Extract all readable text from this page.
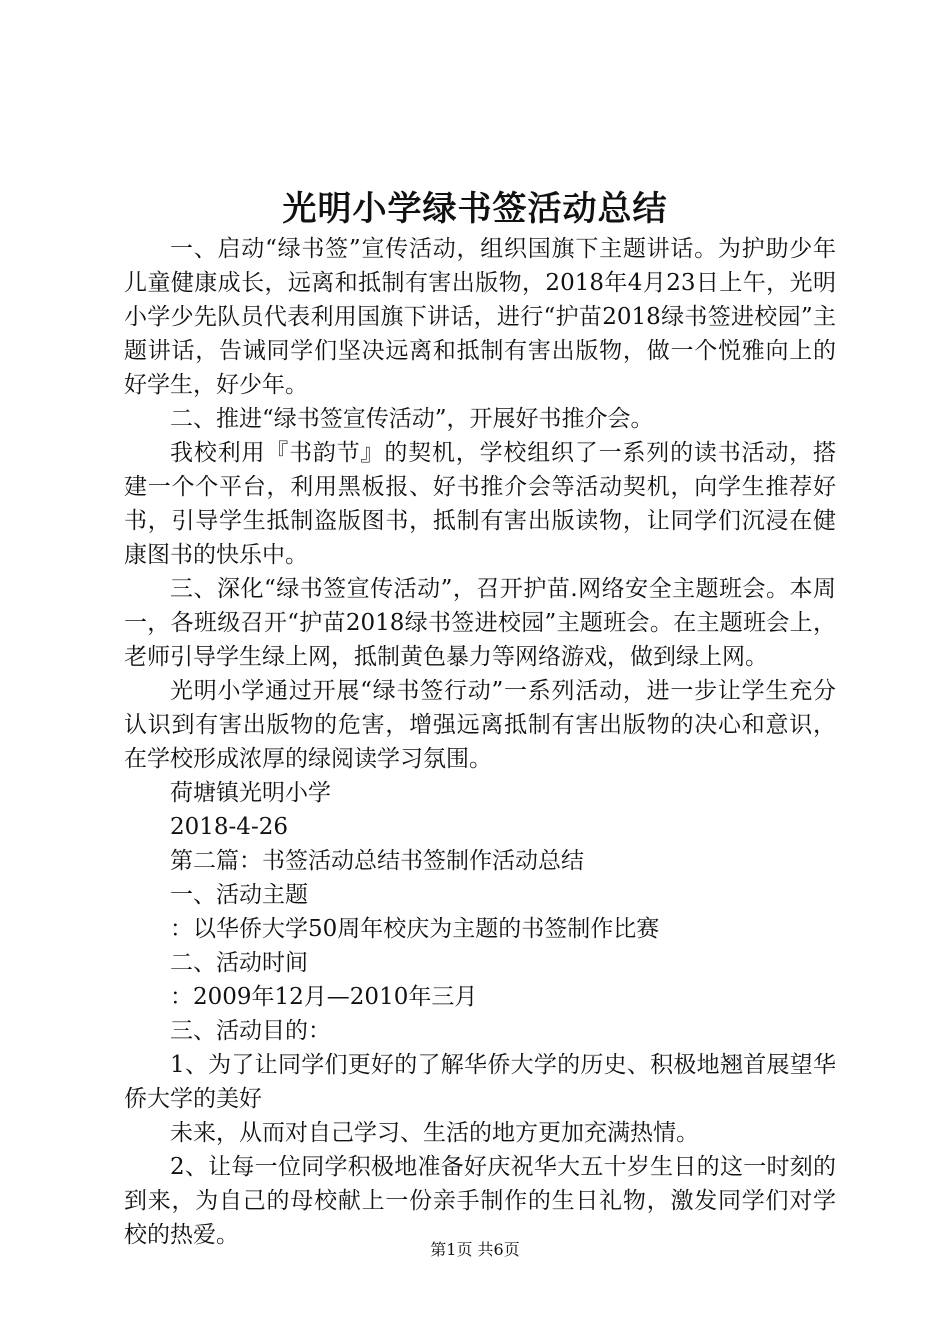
光明小学绿书签活动总结

一、启动“绿书签”宣传活动，组织国旗下主题讲话。为护助少年儿童健康成长，远离和抵制有害出版物，2018年4月23日上午，光明小学少先队员代表利用国旗下讲话，进行“护苗2018绿书签进校园”主题讲话，告诫同学们坚决远离和抵制有害出版物，做一个悦雅向上的好学生，好少年。

二、推进“绿书签宣传活动”，开展好书推介会。

我校利用『书韵节』的契机，学校组织了一系列的读书活动，搭建一个个平台，利用黑板报、好书推介会等活动契机，向学生推荐好书，引导学生抵制盗版图书，抵制有害出版读物，让同学们沉浸在健康图书的快乐中。

三、深化“绿书签宣传活动”，召开护苗.网络安全主题班会。本周一，各班级召开“护苗2018绿书签进校园”主题班会。在主题班会上，老师引导学生绿上网，抵制黄色暴力等网络游戏，做到绿上网。

光明小学通过开展“绿书签行动”一系列活动，进一步让学生充分认识到有害出版物的危害，增强远离抵制有害出版物的决心和意识，在学校形成浓厚的绿阅读学习氛围。

荷塘镇光明小学

2018-4-26

第二篇：书签活动总结书签制作活动总结

一、活动主题

：以华侨大学50周年校庆为主题的书签制作比赛

二、活动时间

：2009年12月—2010年三月

三、活动目的：

1、为了让同学们更好的了解华侨大学的历史、积极地翘首展望华侨大学的美好

未来，从而对自己学习、生活的地方更加充满热情。

2、让每一位同学积极地准备好庆祝华大五十岁生日的这一时刻的到来，为自己的母校献上一份亲手制作的生日礼物，激发同学们对学校的热爱。

第1页 共6页
